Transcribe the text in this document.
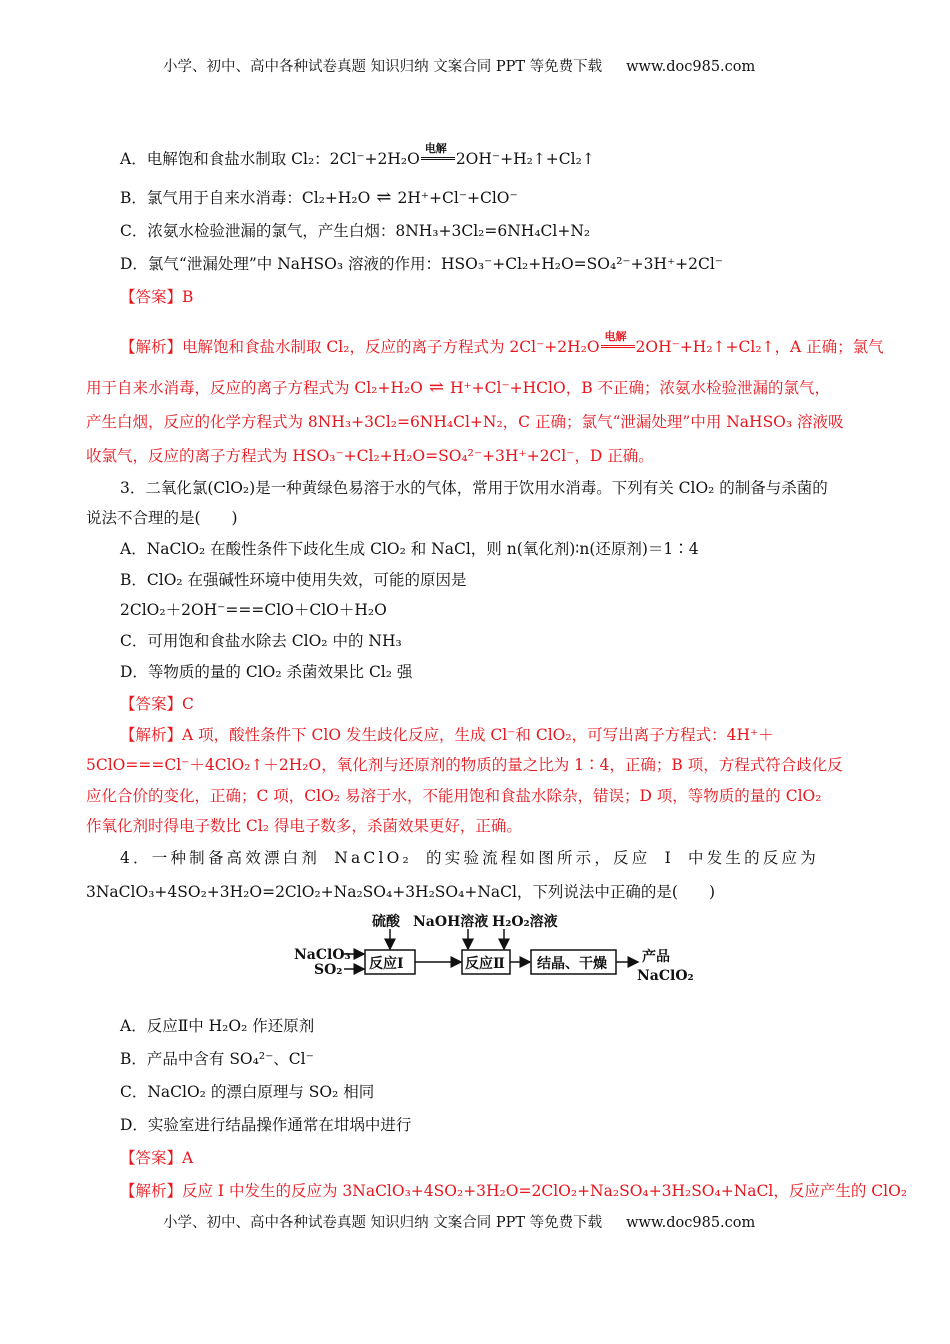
小学、初中、高中各种试卷真题 知识归纳 文案合同 PPT 等免费下载 www.doc985.com
A．电解饱和食盐水制取 Cl₂：2Cl⁻+2H₂O
电解
2OH⁻+H₂↑+Cl₂↑
B．氯气用于自来水消毒：Cl₂+H₂O ⇌ 2H⁺+Cl⁻+ClO⁻
C．浓氨水检验泄漏的氯气，产生白烟：8NH₃+3Cl₂=6NH₄Cl+N₂
D．氯气“泄漏处理”中 NaHSO₃ 溶液的作用：HSO₃⁻+Cl₂+H₂O=SO₄²⁻+3H⁺+2Cl⁻
【答案】B
【解析】电解饱和食盐水制取 Cl₂，反应的离子方程式为 2Cl⁻+2H₂O
电解
2OH⁻+H₂↑+Cl₂↑，A 正确；氯气
用于自来水消毒，反应的离子方程式为 Cl₂+H₂O ⇌ H⁺+Cl⁻+HClO，B 不正确；浓氨水检验泄漏的氯气，
产生白烟，反应的化学方程式为 8NH₃+3Cl₂=6NH₄Cl+N₂，C 正确；氯气“泄漏处理”中用 NaHSO₃ 溶液吸
收氯气，反应的离子方程式为 HSO₃⁻+Cl₂+H₂O=SO₄²⁻+3H⁺+2Cl⁻，D 正确。
3．二氧化氯(ClO₂)是一种黄绿色易溶于水的气体，常用于饮用水消毒。下列有关 ClO₂ 的制备与杀菌的
说法不合理的是(　　)
A．NaClO₂ 在酸性条件下歧化生成 ClO₂ 和 NaCl，则 n(氧化剂)∶n(还原剂)＝1∶4
B．ClO₂ 在强碱性环境中使用失效，可能的原因是
2ClO₂＋2OH⁻===ClO＋ClO＋H₂O
C．可用饱和食盐水除去 ClO₂ 中的 NH₃
D．等物质的量的 ClO₂ 杀菌效果比 Cl₂ 强
【答案】C
【解析】A 项，酸性条件下 ClO 发生歧化反应，生成 Cl⁻和 ClO₂，可写出离子方程式：4H⁺＋
5ClO===Cl⁻＋4ClO₂↑＋2H₂O，氧化剂与还原剂的物质的量之比为 1∶4，正确；B 项，方程式符合歧化反
应化合价的变化，正确；C 项，ClO₂ 易溶于水，不能用饱和食盐水除杂，错误；D 项，等物质的量的 ClO₂
作氧化剂时得电子数比 Cl₂ 得电子数多，杀菌效果更好，正确。
4．一种制备高效漂白剂 NaClO₂ 的实验流程如图所示，反应 I 中发生的反应为
3NaClO₃+4SO₂+3H₂O=2ClO₂+Na₂SO₄+3H₂SO₄+NaCl，下列说法中正确的是(　　)
NaClO₃
SO₂
硫酸 NaOH溶液 H₂O₂溶液
反应Ⅰ	反应Ⅱ 结晶、干燥	产品
NaClO₂
A．反应Ⅱ中 H₂O₂ 作还原剂
B．产品中含有 SO₄²⁻、Cl⁻
C．NaClO₂ 的漂白原理与 SO₂ 相同
D．实验室进行结晶操作通常在坩埚中进行
【答案】A
【解析】反应 I 中发生的反应为 3NaClO₃+4SO₂+3H₂O=2ClO₂+Na₂SO₄+3H₂SO₄+NaCl，反应产生的 ClO₂
小学、初中、高中各种试卷真题 知识归纳 文案合同 PPT 等免费下载 www.doc985.com
